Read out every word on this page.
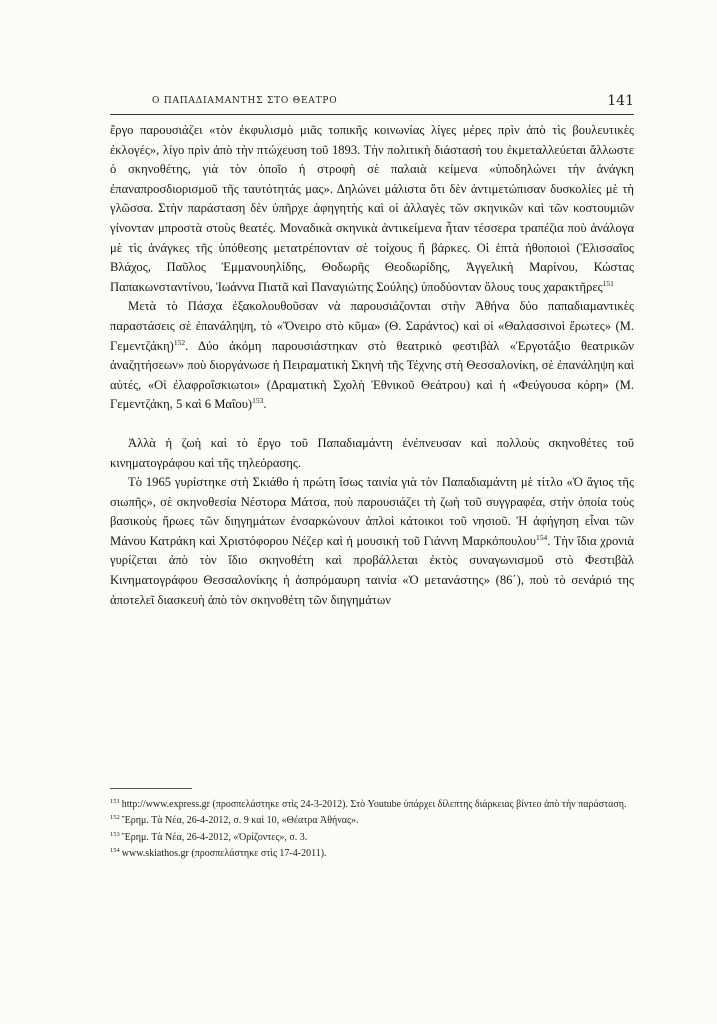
Ο ΠΑΠΑΔΙΑΜΑΝΤΗΣ ΣΤΟ ΘΕΑΤΡΟ	141

ἔργο παρουσιάζει «τὸν ἐκφυλισμὸ μιᾶς τοπικῆς κοινωνίας λίγες μέρες πρὶν ἀπὸ τὶς βουλευτικὲς ἐκλογές», λίγο πρὶν ἀπὸ τὴν πτώχευση τοῦ 1893. Τὴν πολιτικὴ διάστασή του ἐκμεταλλεύεται ἄλλωστε ὁ σκηνοθέτης, γιὰ τὸν ὁποῖο ἡ στροφὴ σὲ παλαιὰ κείμενα «ὑποδηλώνει τὴν ἀνάγκη ἐπαναπροσδιορισμοῦ τῆς ταυτότητάς μας». Δηλώνει μάλιστα ὅτι δὲν ἀντιμετώπισαν δυσκολίες μὲ τὴ γλῶσσα. Στὴν παράσταση δὲν ὑπῆρχε ἀφηγητὴς καὶ οἱ ἀλλαγὲς τῶν σκηνικῶν καὶ τῶν κοστουμιῶν γίνονταν μπροστὰ στοὺς θεατές. Μοναδικὰ σκηνικὰ ἀντικείμενα ἦταν τέσσερα τραπέζια ποὺ ἀνάλογα μὲ τὶς ἀνάγκες τῆς ὑπόθεσης μετατρέπονταν σὲ τοίχους ἢ βάρκες. Οἱ ἑπτὰ ἠθοποιοὶ (Ἐλισσαῖος Βλάχος, Παῦλος Ἐμμανουηλίδης, Θοδωρῆς Θεοδωρίδης, Ἀγγελικὴ Μαρίνου, Κώστας Παπακωνσταντίνου, Ἰωάννα Πιατᾶ καὶ Παναγιώτης Σούλης) ὑποδύονταν ὅλους τους χαρακτῆρες$^{151}$

Μετὰ τὸ Πάσχα ἐξακολουθοῦσαν νὰ παρουσιάζονται στὴν Ἀθήνα δύο παπαδιαμαντικὲς παραστάσεις σὲ ἐπανάληψη, τὸ «Ὄνειρο στὸ κῦμα» (Θ. Σαράντος) καὶ οἱ «Θαλασσινοὶ ἔρωτες» (Μ. Γεμεντζάκη)$^{152}$. Δύο ἀκόμη παρουσιάστηκαν στὸ θεατρικὸ φεστιβὰλ «Ἐργοτάξιο θεατρικῶν ἀναζητήσεων» ποὺ διοργάνωσε ἡ Πειραματικὴ Σκηνὴ τῆς Τέχνης στὴ Θεσσαλονίκη, σὲ ἐπανάληψη καὶ αὐτές, «Οἱ ἐλαφροΐσκιωτοι» (Δραματικὴ Σχολὴ Ἐθνικοῦ Θεάτρου) καὶ ἡ «Φεύγουσα κόρη» (Μ. Γεμεντζάκη, 5 καὶ 6 Μαΐου)$^{153}$.

Ἀλλὰ ἡ ζωὴ καὶ τὸ ἔργο τοῦ Παπαδιαμάντη ἐνέπνευσαν καὶ πολλοὺς σκηνοθέτες τοῦ κινηματογράφου καὶ τῆς τηλεόρασης.

Τὸ 1965 γυρίστηκε στὴ Σκιάθο ἡ πρώτη ἴσως ταινία γιὰ τὸν Παπαδιαμάντη μὲ τίτλο «Ὁ ἅγιος τῆς σιωπῆς», σὲ σκηνοθεσία Νέστορα Μάτσα, ποὺ παρουσιάζει τὴ ζωὴ τοῦ συγγραφέα, στὴν ὁποία τοὺς βασικοὺς ἥρωες τῶν διηγημάτων ἐνσαρκώνουν ἁπλοὶ κάτοικοι τοῦ νησιοῦ. Ἡ ἀφήγηση εἶναι τῶν Μάνου Κατράκη καὶ Χριστόφορου Νέζερ καὶ ἡ μουσικὴ τοῦ Γιάννη Μαρκόπουλου$^{154}$. Τὴν ἴδια χρονιὰ γυρίζεται ἀπὸ τὸν ἴδιο σκηνοθέτη καὶ προβάλλεται ἐκτὸς συναγωνισμοῦ στὸ Φεστιβὰλ Κινηματογράφου Θεσσαλονίκης ἡ ἀσπρόμαυρη ταινία «Ὁ μετανάστης» (86΄), ποὺ τὸ σενάριό της ἀποτελεῖ διασκευὴ ἀπὸ τὸν σκηνοθέτη τῶν διηγημάτων

$^{151}$ http://www.express.gr (προσπελάστηκε στὶς 24-3-2012). Στὸ Youtube ὑπάρχει δίλεπτης διάρκειας βίντεο ἀπὸ τὴν παράσταση.

$^{152}$ Ἔρημ. Τὰ Νέα, 26-4-2012, σ. 9 καὶ 10, «Θέατρα Ἀθήνας».

$^{153}$ Ἔρημ. Τὰ Νέα, 26-4-2012, «Ὀρίζοντες», σ. 3.

$^{154}$ www.skiathos.gr (προσπελάστηκε στὶς 17-4-2011).
